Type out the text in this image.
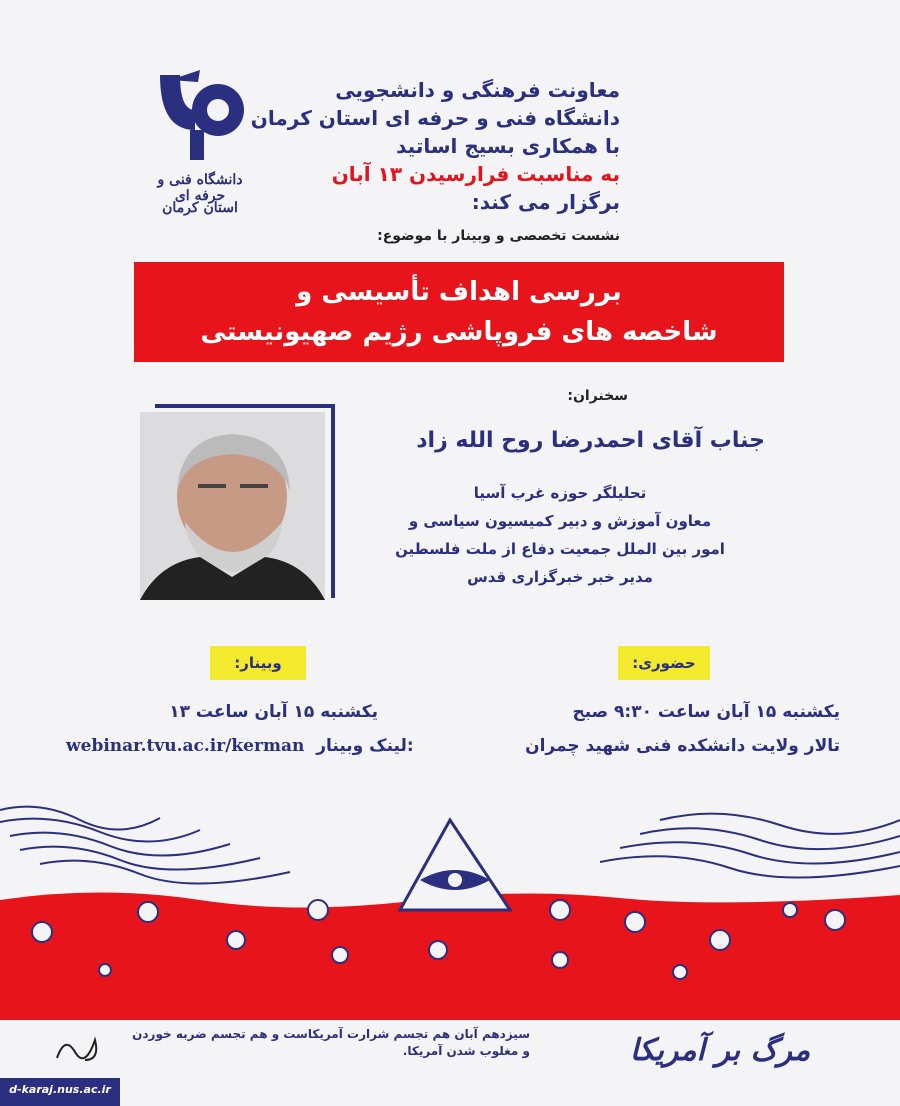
دانشگاه فنی و حرفه ای
استان کرمان
معاونت فرهنگی و دانشجویی
دانشگاه فنی و حرفه ای استان کرمان
با همکاری بسیج اساتید
به مناسبت فرارسیدن ۱۳ آبان
برگزار می کند:
نشست تخصصی و وبینار با موضوع:
بررسی اهداف تأسیسی و
شاخصه های فروپاشی رژیم صهیونیستی
سخنران:
جناب آقای احمدرضا روح الله زاد
تحلیلگر حوزه غرب آسیا
معاون آموزش و دبیر کمیسیون سیاسی و
امور بین الملل جمعیت دفاع از ملت فلسطین
مدیر خبر خبرگزاری قدس
حضوری:
وبینار:
یکشنبه ۱۵ آبان ساعت ۹:۳۰ صبح
تالار ولایت دانشکده فنی شهید چمران
یکشنبه ۱۵ آبان ساعت ۱۳
webinar.tvu.ac.ir/kerman لینک وبینار:
سیزدهم آبان هم تجسم شرارت آمریکاست و هم تجسم ضربه خوردن و مغلوب شدن آمریکا.	مرگ بر آمریکا
d-karaj.nus.ac.ir
